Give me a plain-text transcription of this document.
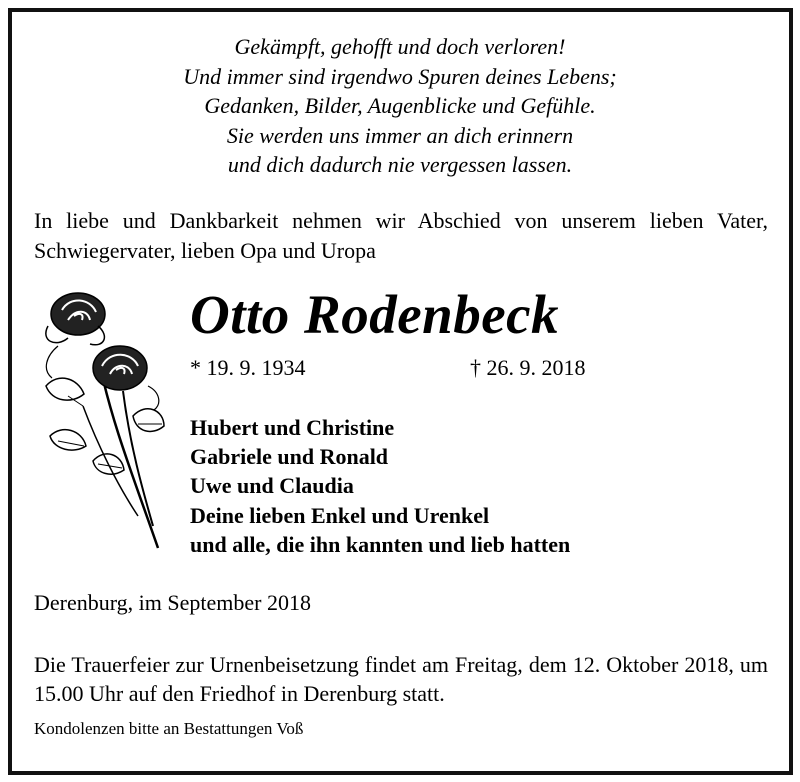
Gekämpft, gehofft und doch verloren!
Und immer sind irgendwo Spuren deines Lebens;
Gedanken, Bilder, Augenblicke und Gefühle.
Sie werden uns immer an dich erinnern
und dich dadurch nie vergessen lassen.
In liebe und Dankbarkeit nehmen wir Abschied von unserem lieben Vater, Schwiegervater, lieben Opa und Uropa
Otto Rodenbeck
* 19. 9. 1934	† 26. 9. 2018
Hubert und Christine
Gabriele und Ronald
Uwe und Claudia
Deine lieben Enkel und Urenkel
und alle, die ihn kannten und lieb hatten
Derenburg, im September 2018
Die Trauerfeier zur Urnenbeisetzung findet am Freitag, dem 12. Oktober 2018, um 15.00 Uhr auf den Friedhof in Derenburg statt.
Kondolenzen bitte an Bestattungen Voß
